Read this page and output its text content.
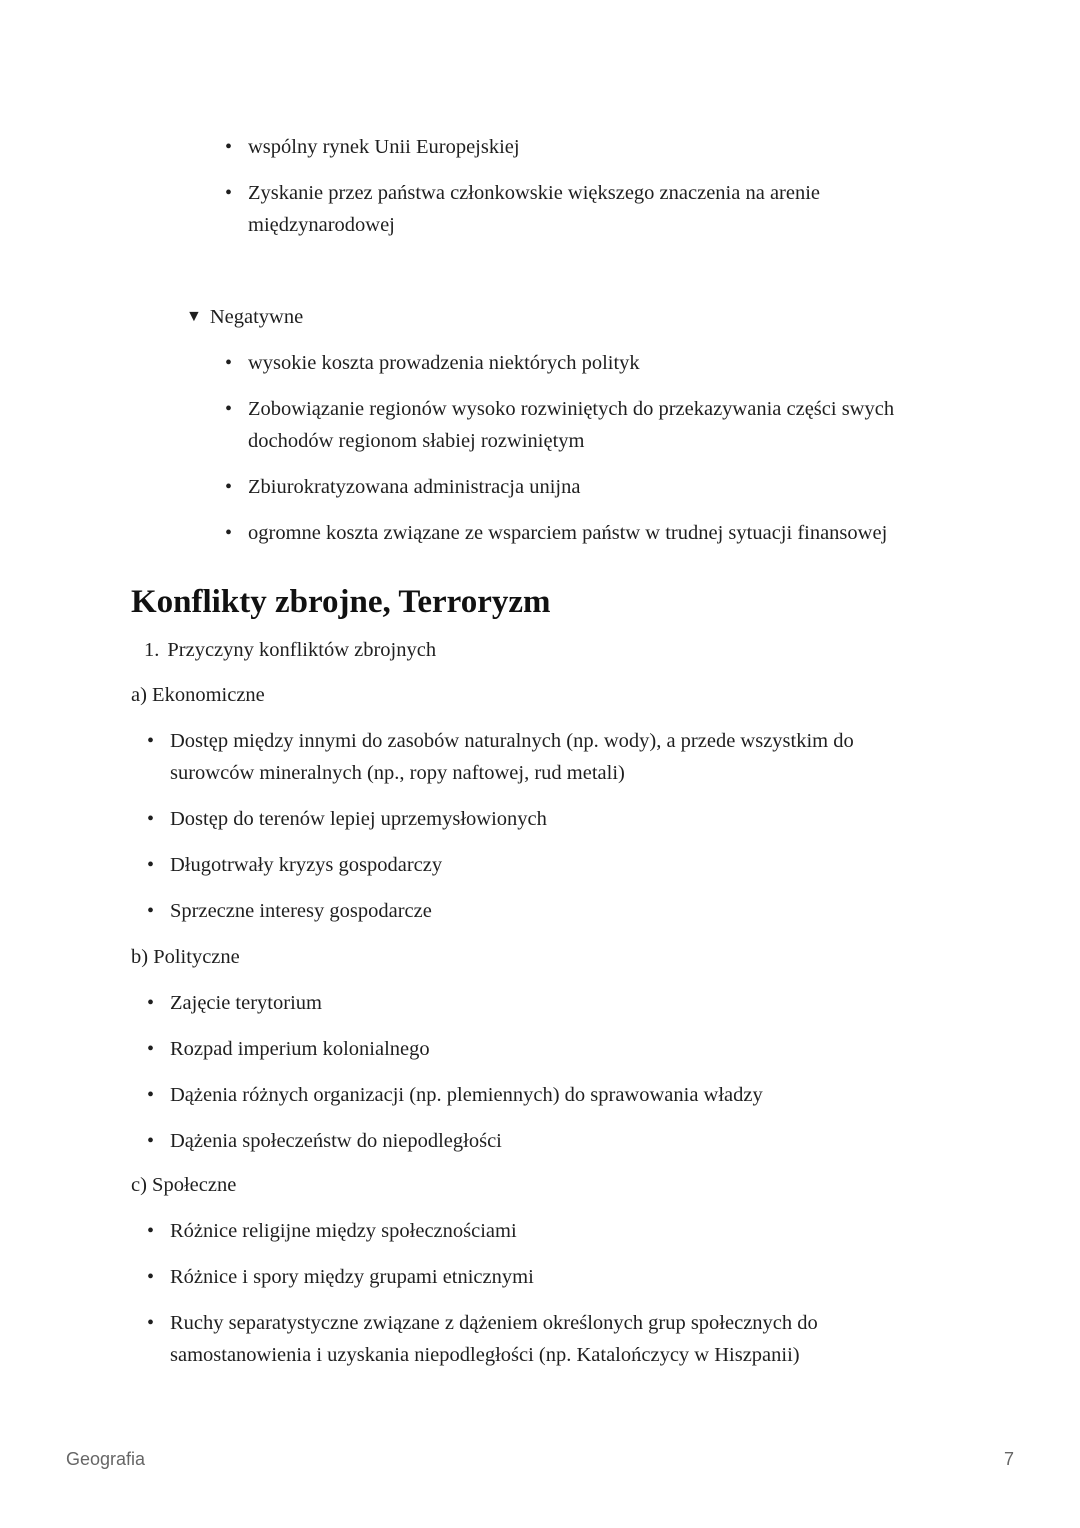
• wspólny rynek Unii Europejskiej
• Zyskanie przez państwa członkowskie większego znaczenia na arenie międzynarodowej
▼ Negatywne
• wysokie koszta prowadzenia niektórych polityk
• Zobowiązanie regionów wysoko rozwiniętych do przekazywania części swych dochodów regionom słabiej rozwiniętym
• Zbiurokratyzowana administracja unijna
• ogromne koszta związane ze wsparciem państw w trudnej sytuacji finansowej
Konflikty zbrojne, Terroryzm
1. Przyczyny konfliktów zbrojnych
a) Ekonomiczne
• Dostęp między innymi do zasobów naturalnych (np. wody), a przede wszystkim do surowców mineralnych (np., ropy naftowej, rud metali)
• Dostęp do terenów lepiej uprzemysłowionych
• Długotrwały kryzys gospodarczy
• Sprzeczne interesy gospodarcze
b) Polityczne
• Zajęcie terytorium
• Rozpad imperium kolonialnego
• Dążenia różnych organizacji (np. plemiennych) do sprawowania władzy
• Dążenia społeczeństw do niepodległości
c) Społeczne
• Różnice religijne między społecznościami
• Różnice i spory między grupami etnicznymi
• Ruchy separatystyczne związane z dążeniem określonych grup społecznych do samostanowienia i uzyskania niepodległości (np. Katalończycy w Hiszpanii)
Geografia	7
